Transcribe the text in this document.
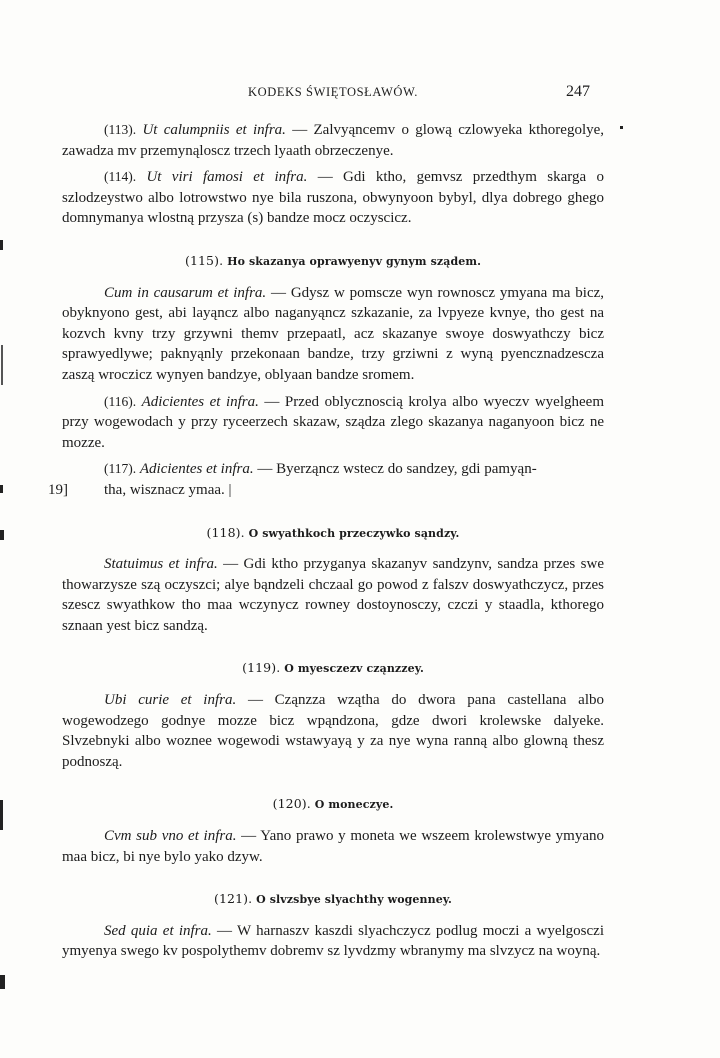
KODEKS ŚWIĘTOSŁAWÓW.	247

(113). Ut calumpniis et infra. — Zalvyąncemv o glową czlowyeka kthoregolye, zawadza mv przemynąloscz trzech lyaath obrzeczenye.

(114). Ut viri famosi et infra. — Gdi ktho, gemvsz przedthym skarga o szlodzeystwo albo lotrowstwo nye bila ruszona, obwynyoon bybyl, dlya dobrego ghego domnymanya wlostną przysza (s) bandze mocz oczyscicz.

(115). Ho skazanya oprawyenyv gynym sządem.

Cum in causarum et infra. — Gdysz w pomscze wyn rownoscz ymyana ma bicz, obyknyono gest, abi layąncz albo naganyąncz szkazanie, za lvpyeze kvnye, tho gest na kozvch kvny trzy grzywni themv przepaatl, acz skazanye swoye doswyathczy bicz sprawyedlywe; paknyąnly przekonaan bandze, trzy grziwni z wyną pyencznadzescza zaszą wroczicz wynyen bandzye, oblyaan bandze sromem.

(116). Adicientes et infra. — Przed oblycznoscią krolya albo wyeczv wyelgheem przy wogewodach y przy ryceerzech skazaw, sządza zlego skazanya naganyoon bicz ne mozze.

(117). Adicientes et infra. — Byerząncz wstecz do sandzey, gdi pamyąn-

19]	tha, wisznacz ymaa. |
(118). O swyathkoch przeczywko sąndzy.

Statuimus et infra. — Gdi ktho przyganya skazanyv sandzynv, sandza przes swe thowarzysze szą oczyszci; alye bąndzeli chczaal go powod z falszv doswyathczycz, przes szescz swyathkow tho maa wczynycz rowney dostoynosczy, czczi y staadla, kthorego sznaan yest bicz sandzą.

(119). O myesczezv cząnzzey.

Ubi curie et infra. — Cząnzza wzątha do dwora pana castellana albo wogewodzego godnye mozze bicz wpąndzona, gdze dwori krolewske dalyeke. Slvzebnyki albo woznee wogewodi wstawyayą y za nye wyna ranną albo glowną thesz podnoszą.

(120). O moneczye.

Cvm sub vno et infra. — Yano prawo y moneta we wszeem krolewstwye ymyano maa bicz, bi nye bylo yako dzyw.

(121). O slvzsbye slyachthy wogenney.

Sed quia et infra. — W harnaszv kaszdi slyachczycz podlug moczi a wyelgosczi ymyenya swego kv pospolythemv dobremv sz lyvdzmy wbranymy ma slvzycz na woyną.
